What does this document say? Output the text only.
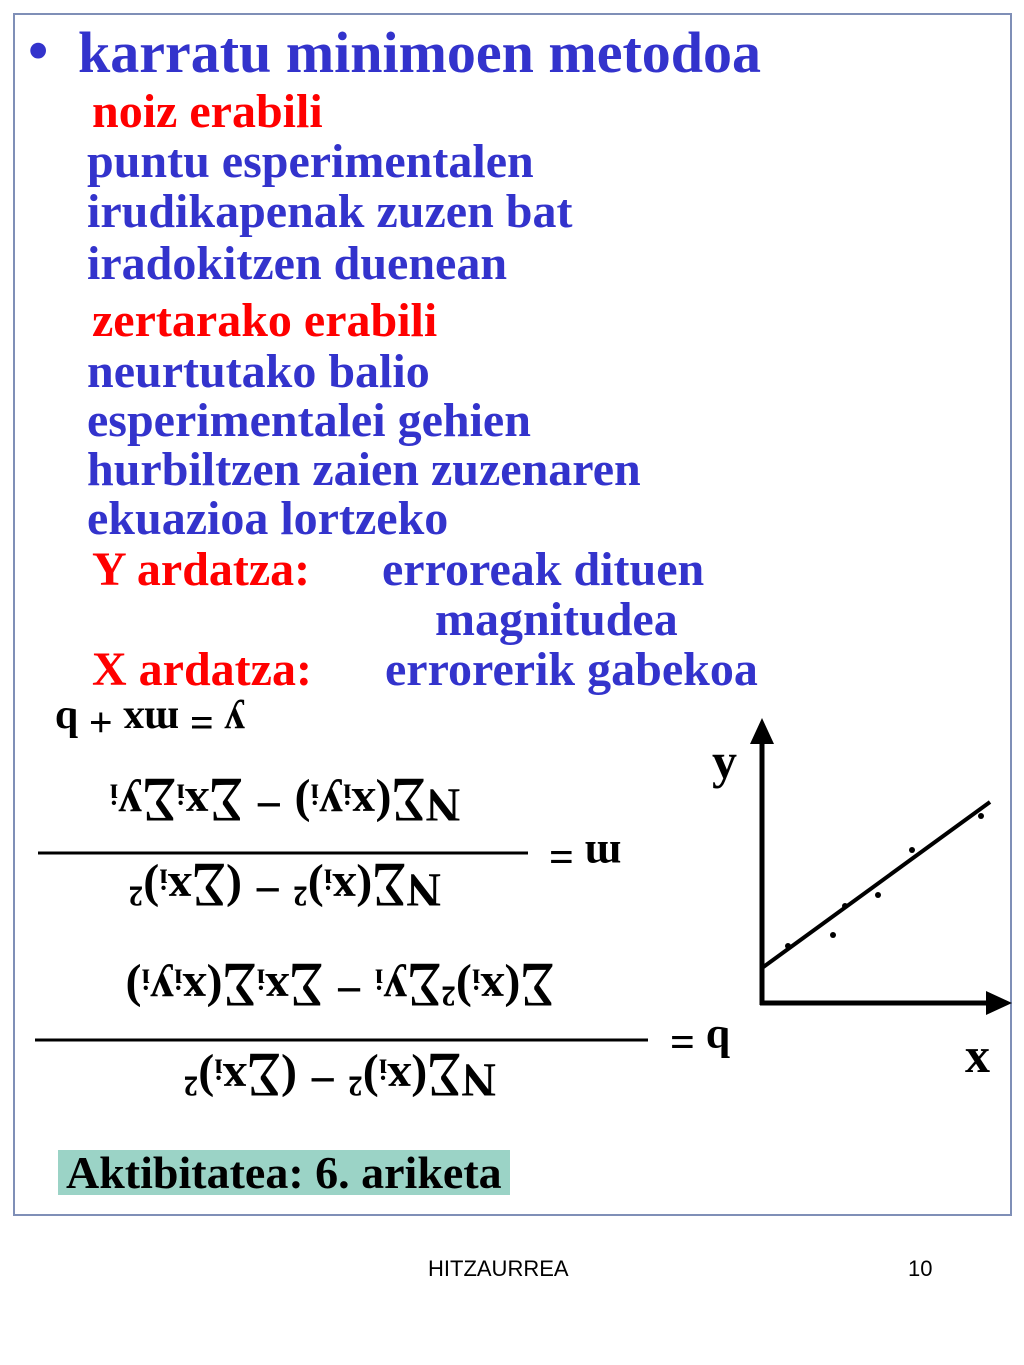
• karratu minimoen metodoa
noiz erabili
puntu esperimentalen
irudikapenak zuzen bat
iradokitzen duenean
zertarako erabili
neurtutako balio
esperimentalei gehien
hurbiltzen zaien zuzenaren
ekuazioa lortzeko
Y ardatza: erroreak dituen
magnitudea
X ardatza: errorerik gabekoa
y = mx + b
m =
N∑(xᵢyᵢ) − ∑xᵢ∑yᵢ
N∑(xᵢ)² − (∑xᵢ)²
b =
∑(xᵢ)²∑yᵢ − ∑xᵢ∑(xᵢyᵢ)
N∑(xᵢ)² − (∑xᵢ)²
y
x
Aktibitatea: 6. ariketa
HITZAURREA	10
